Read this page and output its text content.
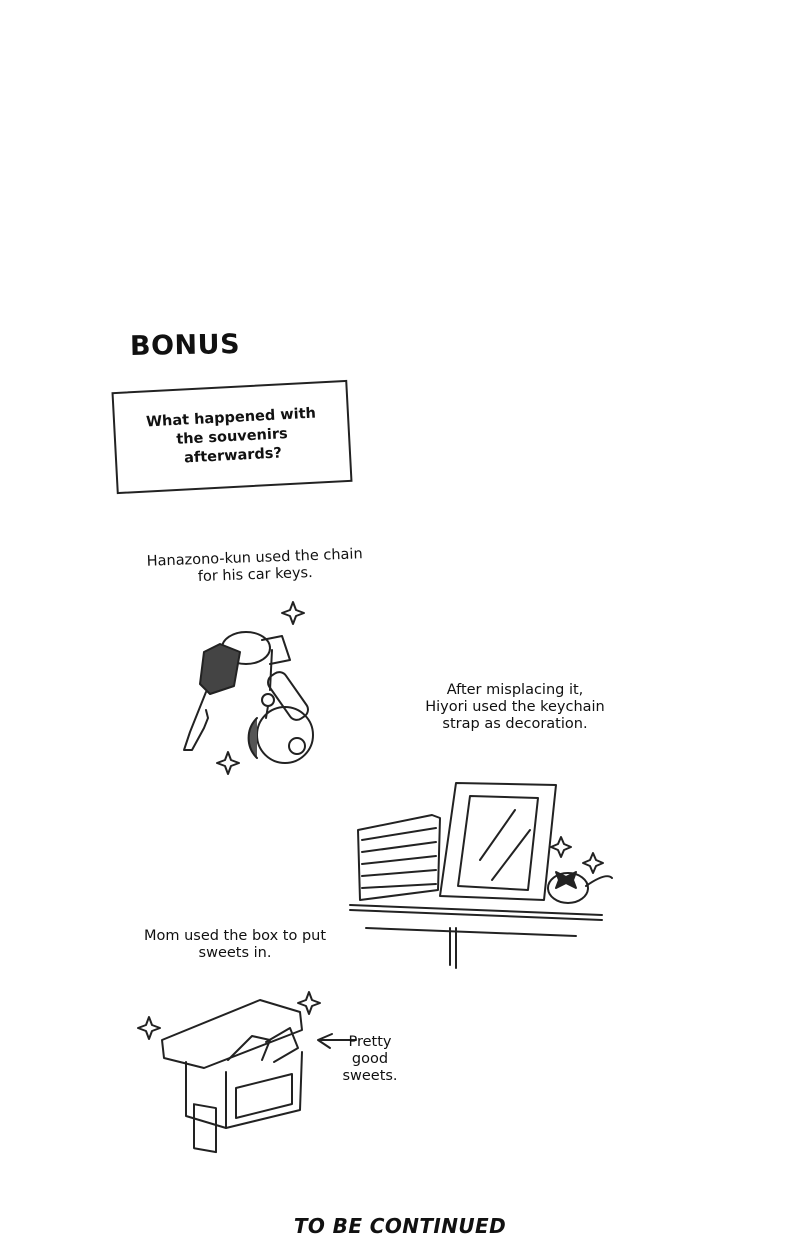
BONUS
What happened with the souvenirs afterwards?
Hanazono-kun used the chain for his car keys.
After misplacing it, Hiyori used the keychain strap as decoration.
Mom used the box to put sweets in.
Pretty good sweets.
TO BE CONTINUED
